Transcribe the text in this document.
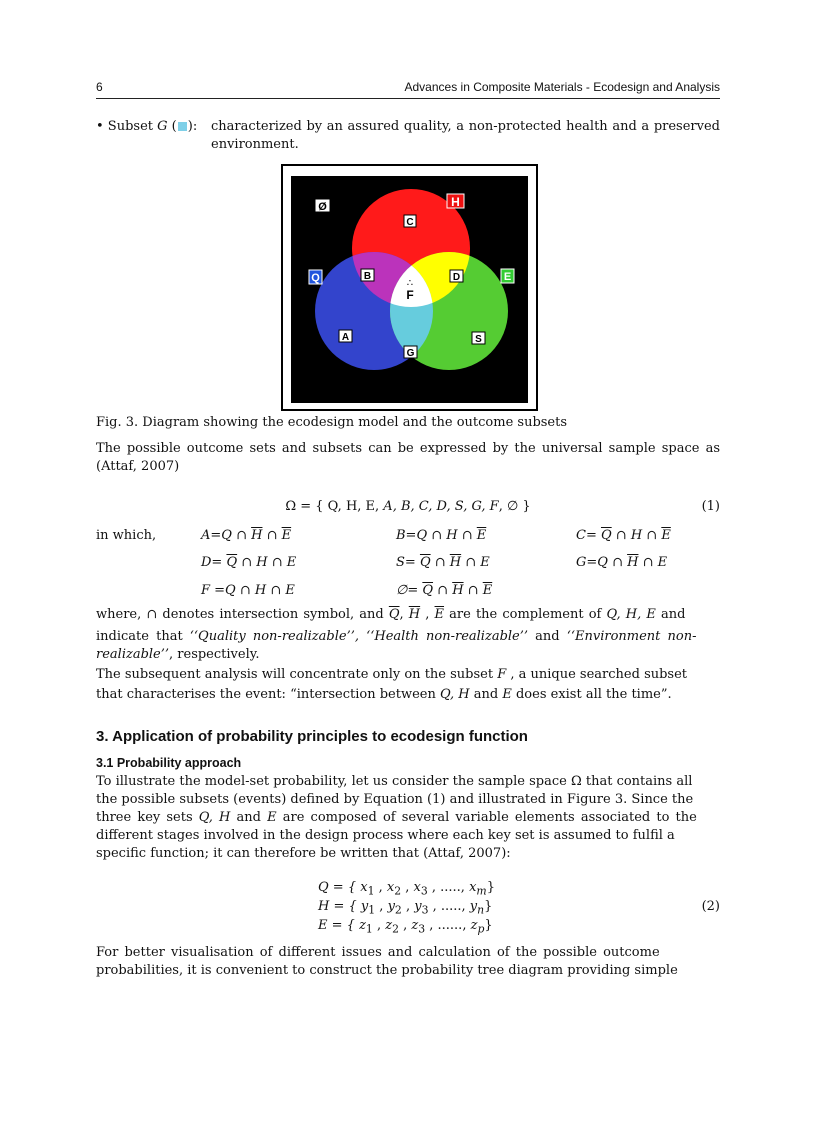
6	Advances in Composite Materials - Ecodesign and Analysis
• Subset G ( ):	characterized by an assured quality, a non-protected health and a preserved environment.
Ω
Ø	H
C
Q	B	D	E
∴
F
A	S
G
Fig. 3. Diagram showing the ecodesign model and the outcome subsets
The possible outcome sets and subsets can be expressed by the universal sample space as (Attaf, 2007)
Ω = { Q, H, E, A, B, C, D, S, G, F, ∅ }	(1)
in which,	A=Q ∩ $\overline{H}$ ∩ $\overline{E}$	B=Q ∩ H ∩ $\overline{E}$	$C= \overline{Q}$ ∩ H ∩ $\overline{E}$
$D= \overline{Q}$ ∩ H ∩ E	$S= \overline{Q}$ ∩ $\overline{H}$ ∩ E	G=Q ∩ $\overline{H}$ ∩ E
F =Q ∩ H ∩ E	∅= $\overline{Q}$ ∩ $\overline{H}$ ∩ $\overline{E}$
where, ∩ denotes intersection symbol, and $\overline{Q}$, $\overline{H}$ , $\overline{E}$ are the complement of Q, H, E and
indicate that ‘‘Quality non-realizable’’, ‘‘Health non-realizable’’ and ‘‘Environment non-
realizable’’, respectively.
The subsequent analysis will concentrate only on the subset F , a unique searched subset
that characterises the event: “intersection between Q, H and E does exist all the time”.
3. Application of probability principles to ecodesign function
3.1 Probability approach
To illustrate the model-set probability, let us consider the sample space Ω that contains all
the possible subsets (events) defined by Equation (1) and illustrated in Figure 3. Since the
three key sets Q, H and E are composed of several variable elements associated to the
different stages involved in the design process where each key set is assumed to fulfil a
specific function; it can therefore be written that (Attaf, 2007):
Q = { $x_1$ , $x_2$ , $x_3$ , ....., $x_m$}
H = { $y_1$ , $y_2$ , $y_3$ , ....., $y_n$}
E = { $z_1$ , $z_2$ , $z_3$ , ......, $z_p$}
(2)
For better visualisation of different issues and calculation of the possible outcome
probabilities, it is convenient to construct the probability tree diagram providing simple
